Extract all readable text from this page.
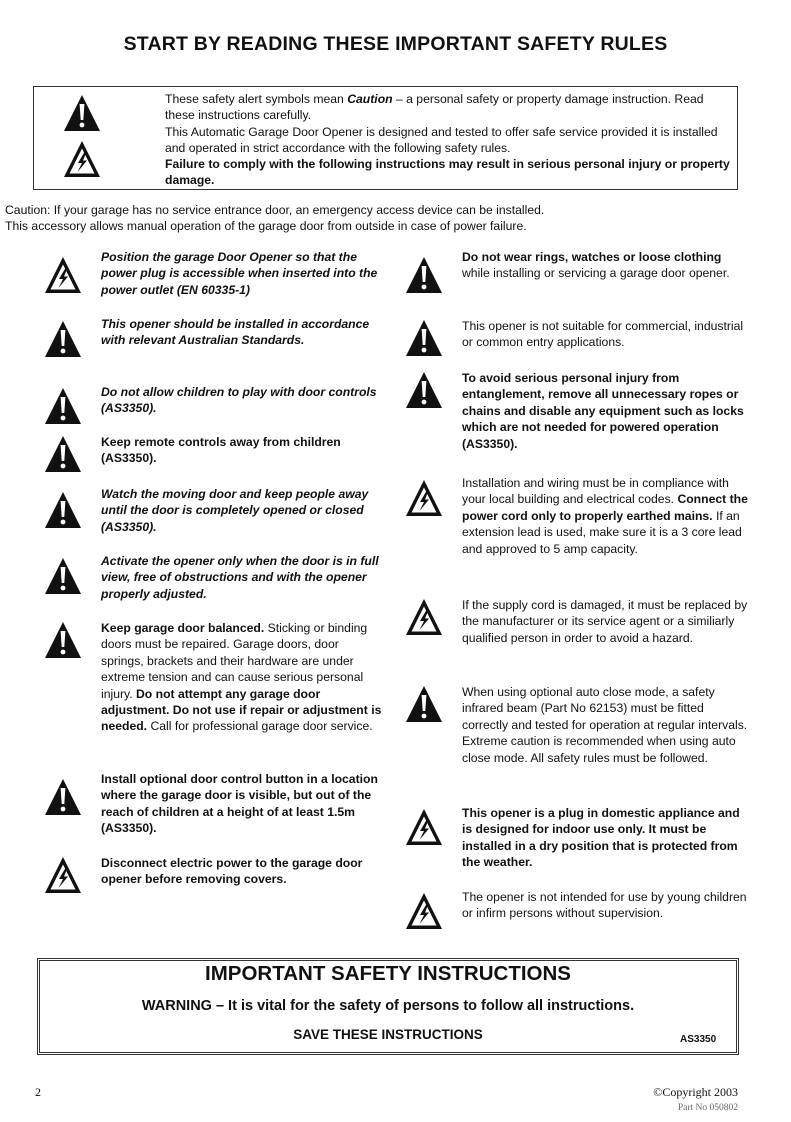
START BY READING THESE IMPORTANT SAFETY RULES
These safety alert symbols mean Caution – a personal safety or property damage instruction. Read these instructions carefully.
This Automatic Garage Door Opener is designed and tested to offer safe service provided it is installed and operated in strict accordance with the following safety rules.
Failure to comply with the following instructions may result in serious personal injury or property damage.
Caution: If your garage has no service entrance door, an emergency access device can be installed.
This accessory allows manual operation of the garage door from outside in case of power failure.
Position the garage Door Opener so that the power plug is accessible when inserted into the power outlet (EN 60335-1)
This opener should be installed in accordance with relevant Australian Standards.
Do not allow children to play with door controls (AS3350).
Keep remote controls away from children (AS3350).
Watch the moving door and keep people away until the door is completely opened or closed (AS3350).
Activate the opener only when the door is in full view, free of obstructions and with the opener properly adjusted.
Keep garage door balanced. Sticking or binding doors must be repaired. Garage doors, door springs, brackets and their hardware are under extreme tension and can cause serious personal injury. Do not attempt any garage door adjustment. Do not use if repair or adjustment is needed. Call for professional garage door service.
Install optional door control button in a location where the garage door is visible, but out of the reach of children at a height of at least 1.5m (AS3350).
Disconnect electric power to the garage door opener before removing covers.
Do not wear rings, watches or loose clothing while installing or servicing a garage door opener.
This opener is not suitable for commercial, industrial or common entry applications.
To avoid serious personal injury from entanglement, remove all unnecessary ropes or chains and disable any equipment such as locks which are not needed for powered operation (AS3350).
Installation and wiring must be in compliance with your local building and electrical codes. Connect the power cord only to properly earthed mains. If an extension lead is used, make sure it is a 3 core lead and approved to 5 amp capacity.
If the supply cord is damaged, it must be replaced by the manufacturer or its service agent or a similiarly qualified person in order to avoid a hazard.
When using optional auto close mode, a safety infrared beam (Part No 62153) must be fitted correctly and tested for operation at regular intervals. Extreme caution is recommended when using auto close mode. All safety rules must be followed.
This opener is a plug in domestic appliance and is designed for indoor use only. It must be installed in a dry position that is protected from the weather.
The opener is not intended for use by young children or infirm persons without supervision.
IMPORTANT SAFETY INSTRUCTIONS
WARNING – It is vital for the safety of persons to follow all instructions.
SAVE THESE INSTRUCTIONS	AS3350
2	©Copyright 2003
Part No 050802
